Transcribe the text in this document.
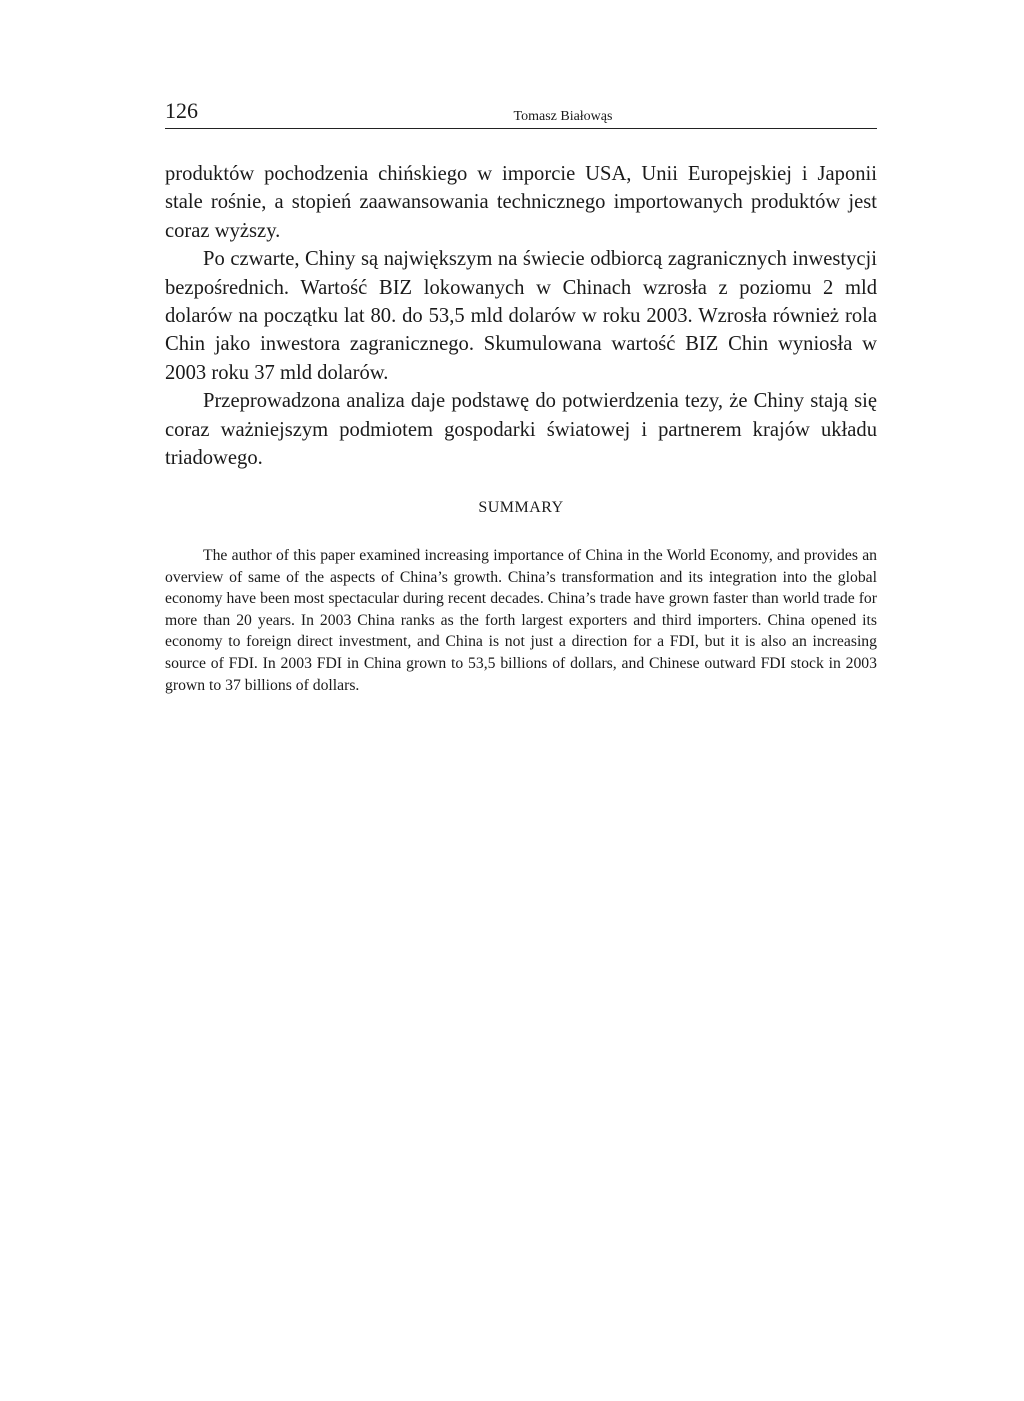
126	Tomasz Białowąs

produktów pochodzenia chińskiego w imporcie USA, Unii Europejskiej i Japonii stale rośnie, a stopień zaawansowania technicznego importowanych produktów jest coraz wyższy.

Po czwarte, Chiny są największym na świecie odbiorcą zagranicznych inwestycji bezpośrednich. Wartość BIZ lokowanych w Chinach wzrosła z poziomu 2 mld dolarów na początku lat 80. do 53,5 mld dolarów w roku 2003. Wzrosła również rola Chin jako inwestora zagranicznego. Skumulowana wartość BIZ Chin wyniosła w 2003 roku 37 mld dolarów.

Przeprowadzona analiza daje podstawę do potwierdzenia tezy, że Chiny stają się coraz ważniejszym podmiotem gospodarki światowej i partnerem krajów układu triadowego.

SUMMARY

The author of this paper examined increasing importance of China in the World Economy, and provides an overview of same of the aspects of China’s growth. China’s transformation and its integration into the global economy have been most spectacular during recent decades. China’s trade have grown faster than world trade for more than 20 years. In 2003 China ranks as the forth largest exporters and third importers. China opened its economy to foreign direct investment, and China is not just a direction for a FDI, but it is also an increasing source of FDI. In 2003 FDI in China grown to 53,5 billions of dollars, and Chinese outward FDI stock in 2003 grown to 37 billions of dollars.
